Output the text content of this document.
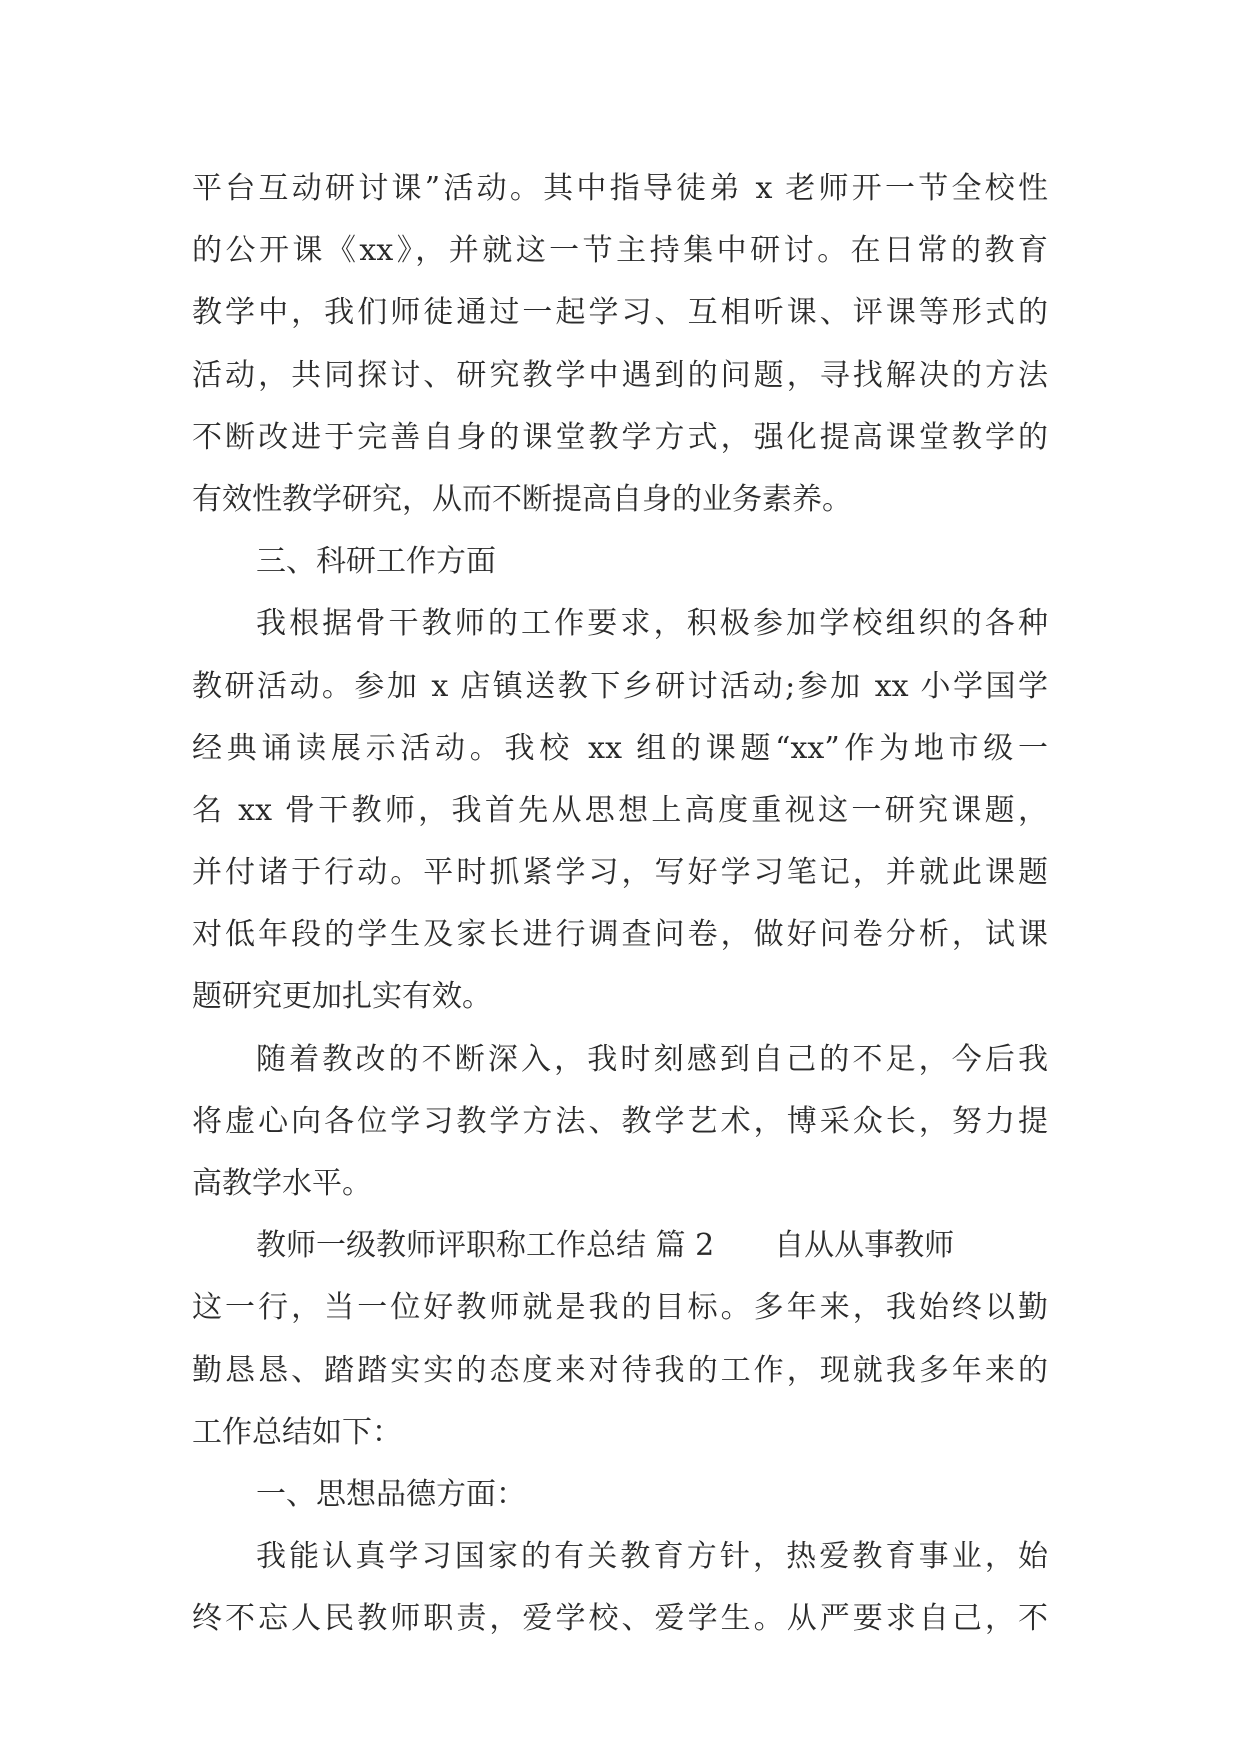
平台互动研讨课”活动。其中指导徒弟 x 老师开一节全校性
的公开课《xx》，并就这一节主持集中研讨。在日常的教育
教学中，我们师徒通过一起学习、互相听课、评课等形式的
活动，共同探讨、研究教学中遇到的问题，寻找解决的方法
不断改进于完善自身的课堂教学方式，强化提高课堂教学的
有效性教学研究，从而不断提高自身的业务素养。
三、科研工作方面
我根据骨干教师的工作要求，积极参加学校组织的各种
教研活动。参加 x 店镇送教下乡研讨活动;参加 xx 小学国学
经典诵读展示活动。我校 xx 组的课题“xx”作为地市级一
名 xx 骨干教师，我首先从思想上高度重视这一研究课题，
并付诸于行动。平时抓紧学习，写好学习笔记，并就此课题
对低年段的学生及家长进行调查问卷，做好问卷分析，试课
题研究更加扎实有效。
随着教改的不断深入，我时刻感到自己的不足，今后我
将虚心向各位学习教学方法、教学艺术，博采众长，努力提
高教学水平。
教师一级教师评职称工作总结 篇 2 自从从事教师
这一行，当一位好教师就是我的目标。多年来，我始终以勤
勤恳恳、踏踏实实的态度来对待我的工作，现就我多年来的
工作总结如下：
一、思想品德方面：
我能认真学习国家的有关教育方针，热爱教育事业，始
终不忘人民教师职责，爱学校、爱学生。从严要求自己，不
